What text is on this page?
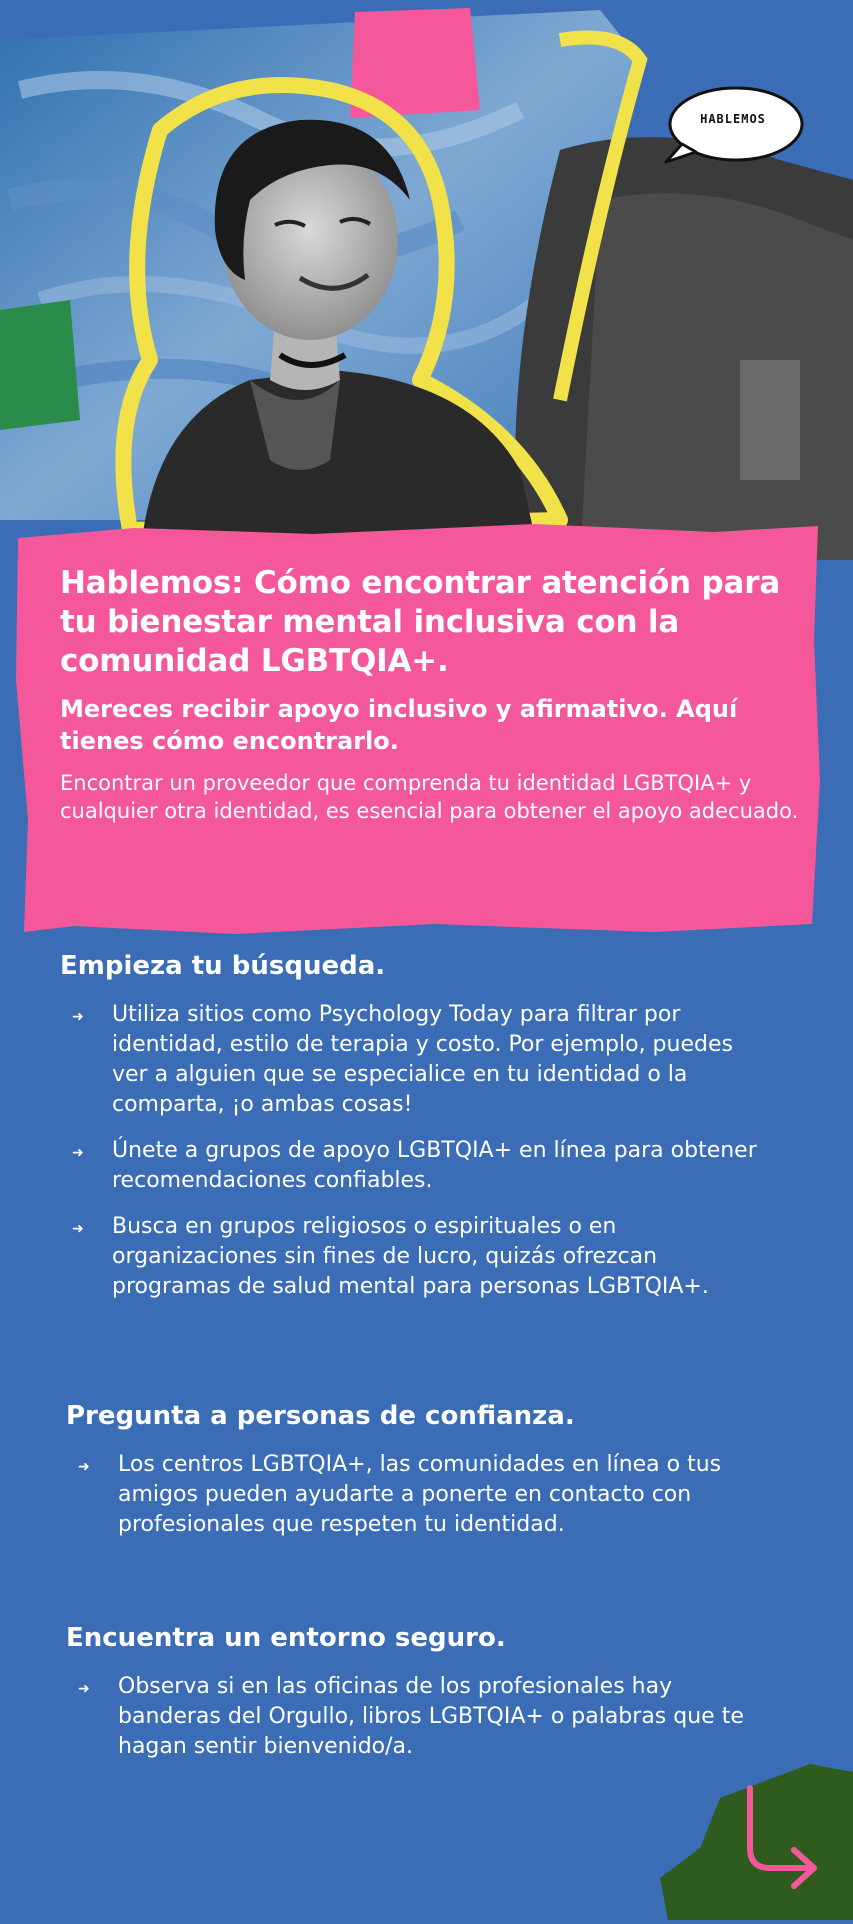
HABLEMOS

Hablemos: Cómo encontrar atención para tu bienestar mental inclusiva con la comunidad LGBTQIA+.

Mereces recibir apoyo inclusivo y afirmativo. Aquí tienes cómo encontrarlo.

Encontrar un proveedor que comprenda tu identidad LGBTQIA+ y cualquier otra identidad, es esencial para obtener el apoyo adecuado.

Empieza tu búsqueda.
➜ Utiliza sitios como Psychology Today para filtrar por identidad, estilo de terapia y costo. Por ejemplo, puedes ver a alguien que se especialice en tu identidad o la comparta, ¡o ambas cosas!
➜ Únete a grupos de apoyo LGBTQIA+ en línea para obtener recomendaciones confiables.
➜ Busca en grupos religiosos o espirituales o en organizaciones sin fines de lucro, quizás ofrezcan programas de salud mental para personas LGBTQIA+.
Pregunta a personas de confianza.
➜ Los centros LGBTQIA+, las comunidades en línea o tus amigos pueden ayudarte a ponerte en contacto con profesionales que respeten tu identidad.
Encuentra un entorno seguro.
➜ Observa si en las oficinas de los profesionales hay banderas del Orgullo, libros LGBTQIA+ o palabras que te hagan sentir bienvenido/a.
